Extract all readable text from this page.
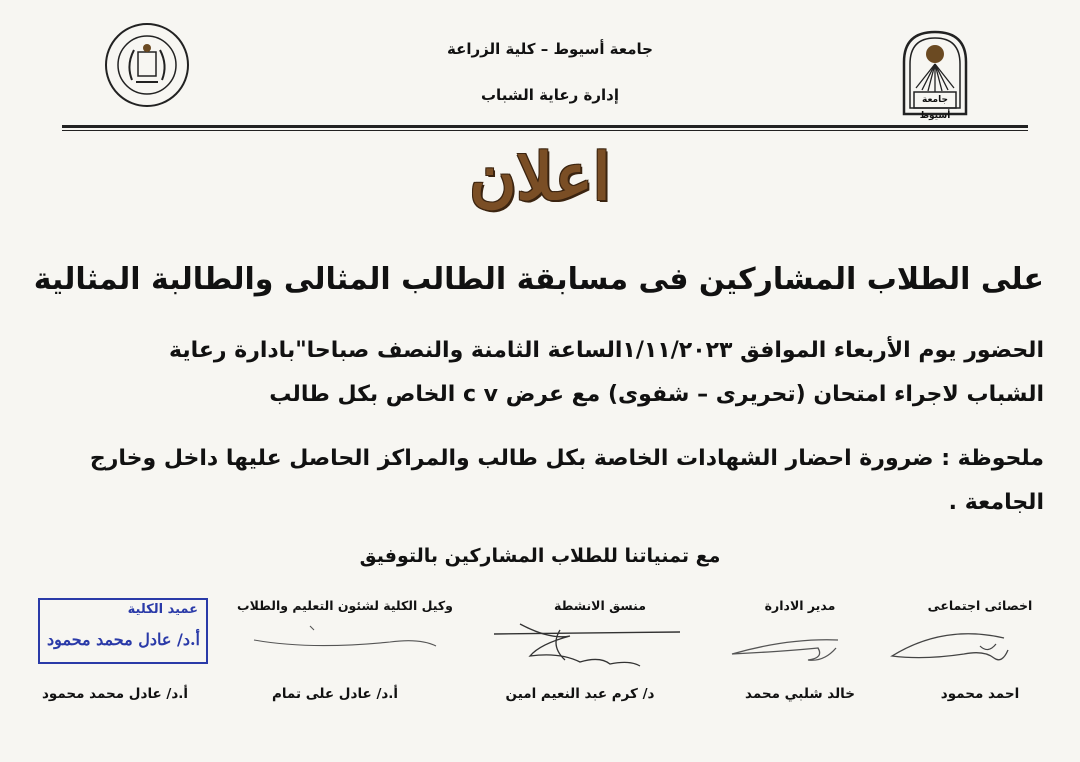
جامعة أسيوط
جامعة أسيوط – كلية الزراعة
إدارة رعاية الشباب
اعلان
على الطلاب المشاركين فى مسابقة الطالب المثالى والطالبة المثالية
الحضور يوم الأربعاء الموافق ١/١١/٢٠٢٣الساعة الثامنة والنصف صباحا"بادارة رعاية
الشباب لاجراء امتحان (تحريرى – شفوى) مع عرض c v الخاص بكل طالب
ملحوظة : ضرورة احضار الشهادات الخاصة بكل طالب والمراكز الحاصل عليها داخل وخارج
الجامعة .
مع تمنياتنا للطلاب المشاركين بالتوفيق
اخصائى اجتماعى
مدير الادارة
منسق الانشطة
وكيل الكلية لشئون التعليم والطلاب
عميد الكلية
أ.د/ عادل محمد محمود
احمد محمود
خالد شلبي محمد
د/ كرم عبد النعيم امين
أ.د/ عادل على تمام
أ.د/ عادل محمد محمود
